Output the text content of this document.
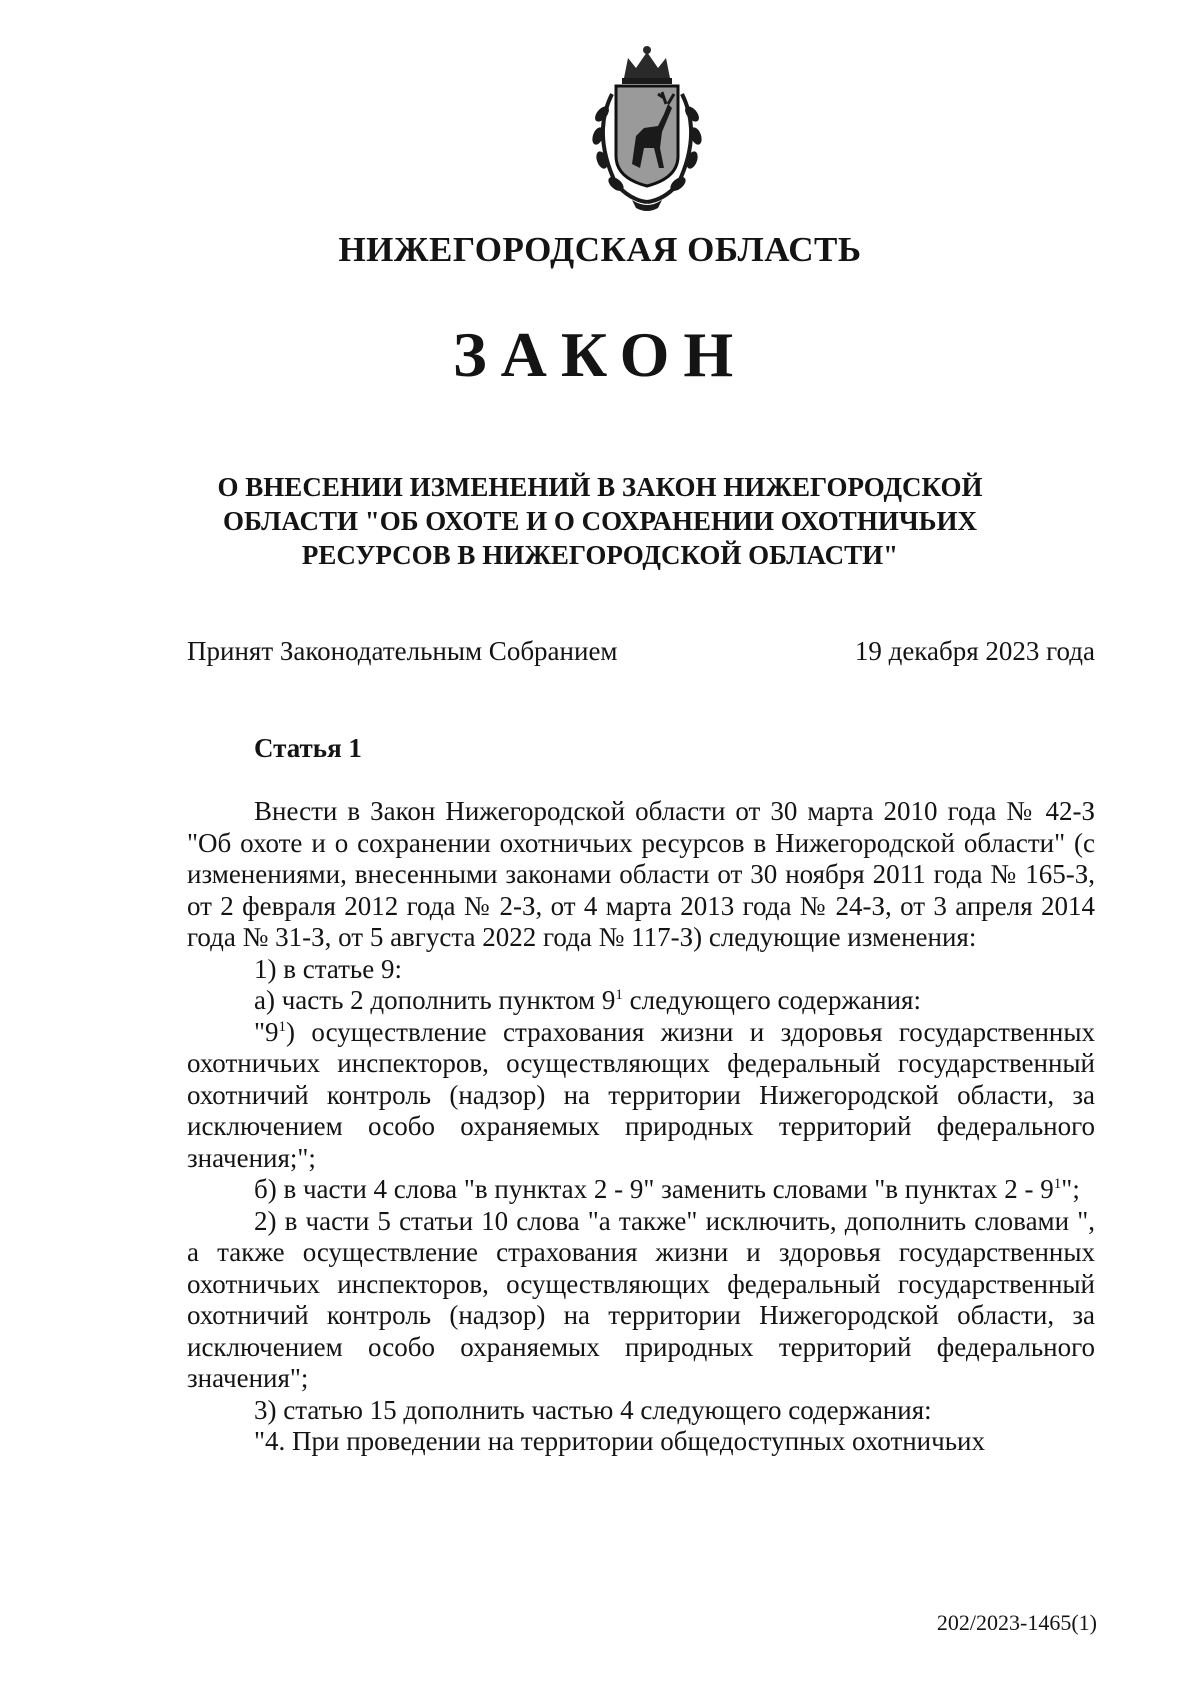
НИЖЕГОРОДСКАЯ ОБЛАСТЬ
ЗАКОН
О ВНЕСЕНИИ ИЗМЕНЕНИЙ В ЗАКОН НИЖЕГОРОДСКОЙ
ОБЛАСТИ "ОБ ОХОТЕ И О СОХРАНЕНИИ ОХОТНИЧЬИХ
РЕСУРСОВ В НИЖЕГОРОДСКОЙ ОБЛАСТИ"
Принят Законодательным Собранием	19 декабря 2023 года
Статья 1

Внести в Закон Нижегородской области от 30 марта 2010 года № 42-З "Об охоте и о сохранении охотничьих ресурсов в Нижегородской области" (с изменениями, внесенными законами области от 30 ноября 2011 года № 165-З, от 2 февраля 2012 года № 2-З, от 4 марта 2013 года № 24-З, от 3 апреля 2014 года № 31-З, от 5 августа 2022 года № 117-З) следующие изменения:

1) в статье 9:

а) часть 2 дополнить пунктом $9^1$ следующего содержания:

"$9^1$) осуществление страхования жизни и здоровья государственных охотничьих инспекторов, осуществляющих федеральный государственный охотничий контроль (надзор) на территории Нижегородской области, за исключением особо охраняемых природных территорий федерального значения;";

б) в части 4 слова "в пунктах 2 - 9" заменить словами "в пунктах $2 - 9^1$";

2) в части 5 статьи 10 слова "а также" исключить, дополнить словами ", а также осуществление страхования жизни и здоровья государственных охотничьих инспекторов, осуществляющих федеральный государственный охотничий контроль (надзор) на территории Нижегородской области, за исключением особо охраняемых природных территорий федерального значения";

3) статью 15 дополнить частью 4 следующего содержания:

"4. При проведении на территории общедоступных охотничьих

202/2023-1465(1)
